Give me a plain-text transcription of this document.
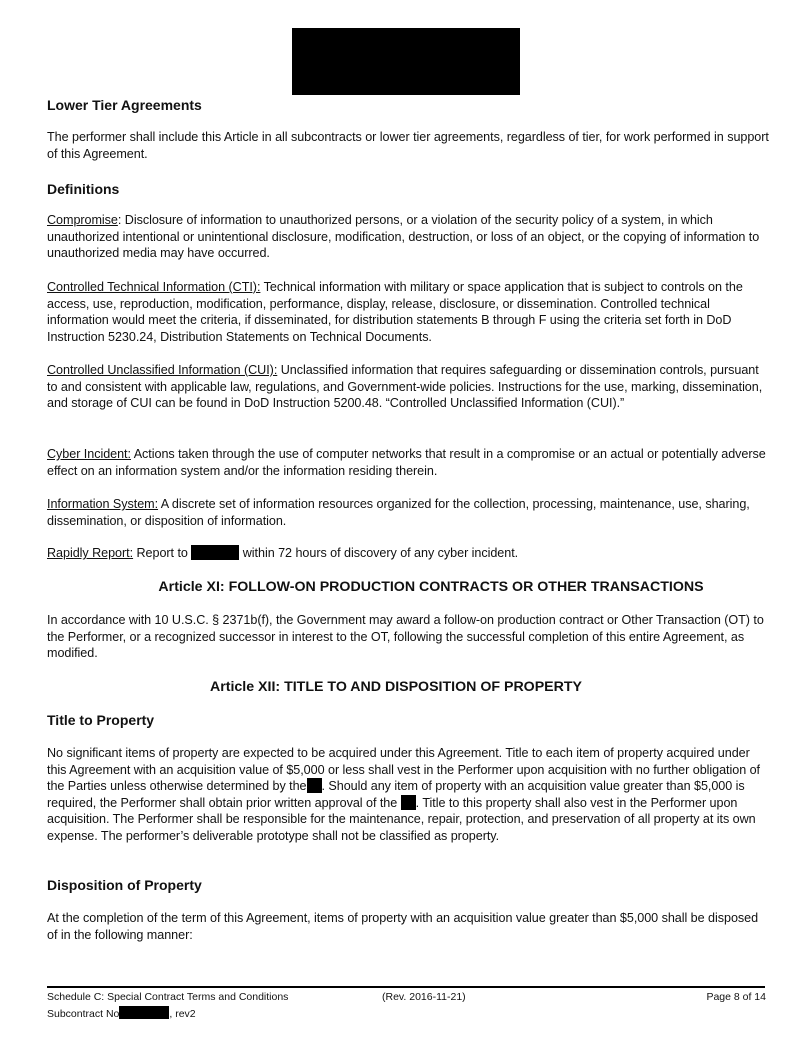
Lower Tier Agreements

The performer shall include this Article in all subcontracts or lower tier agreements, regardless of tier, for work performed in support of this Agreement.

Definitions

Compromise: Disclosure of information to unauthorized persons, or a violation of the security policy of a system, in which unauthorized intentional or unintentional disclosure, modification, destruction, or loss of an object, or the copying of information to unauthorized media may have occurred.

Controlled Technical Information (CTI): Technical information with military or space application that is subject to controls on the access, use, reproduction, modification, performance, display, release, disclosure, or dissemination. Controlled technical information would meet the criteria, if disseminated, for distribution statements B through F using the criteria set forth in DoD Instruction 5230.24, Distribution Statements on Technical Documents.

Controlled Unclassified Information (CUI): Unclassified information that requires safeguarding or dissemination controls, pursuant to and consistent with applicable law, regulations, and Government-wide policies. Instructions for the use, marking, dissemination, and storage of CUI can be found in DoD Instruction 5200.48. “Controlled Unclassified Information (CUI).”

Cyber Incident: Actions taken through the use of computer networks that result in a compromise or an actual or potentially adverse effect on an information system and/or the information residing therein.

Information System: A discrete set of information resources organized for the collection, processing, maintenance, use, sharing, dissemination, or disposition of information.

Rapidly Report: Report to	within 72 hours of discovery of any cyber incident.

Article XI: FOLLOW-ON PRODUCTION CONTRACTS OR OTHER TRANSACTIONS

In accordance with 10 U.S.C. § 2371b(f), the Government may award a follow-on production contract or Other Transaction (OT) to the Performer, or a recognized successor in interest to the OT, following the successful completion of this entire Agreement, as modified.

Article XII: TITLE TO AND DISPOSITION OF PROPERTY
Title to Property

No significant items of property are expected to be acquired under this Agreement. Title to each item of property acquired under this Agreement with an acquisition value of $5,000 or less shall vest in the Performer upon acquisition with no further obligation of the Parties unless otherwise determined by the . Should any item of property with an acquisition value greater than $5,000 is required, the Performer shall obtain prior written approval of the . Title to this property shall also vest in the Performer upon acquisition. The Performer shall be responsible for the maintenance, repair, protection, and preservation of all property at its own expense. The performer’s deliverable prototype shall not be classified as property.

Disposition of Property

At the completion of the term of this Agreement, items of property with an acquisition value greater than $5,000 shall be disposed of in the following manner:

Schedule C: Special Contract Terms and Conditions	(Rev. 2016-11-21)	Page 8 of 14
Subcontract No	, rev2
